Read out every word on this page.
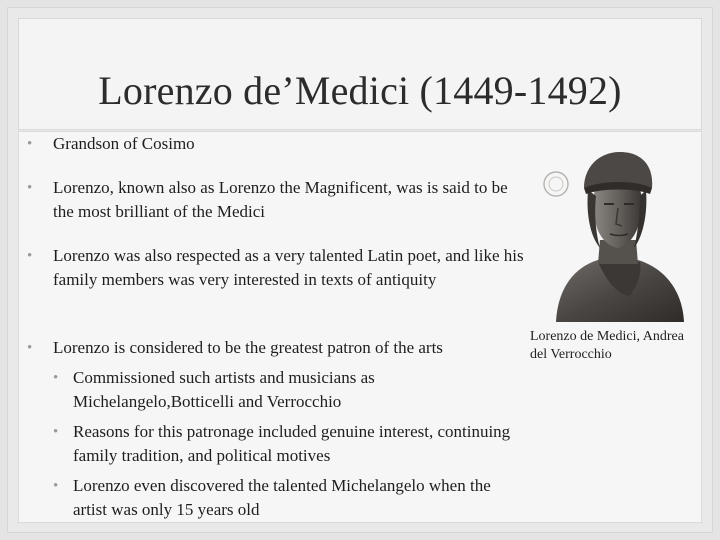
Lorenzo de’Medici (1449-1492)
• Grandson of Cosimo
• Lorenzo, known also as Lorenzo the Magnificent, was is said to be the most brilliant of the Medici
• Lorenzo was also respected as a very talented Latin poet, and like his family members was very interested in texts of antiquity
• Lorenzo is considered to be the greatest patron of the arts
• Commissioned such artists and musicians as Michelangelo,Botticelli and Verrocchio
• Reasons for this patronage included genuine interest, continuing family tradition, and political motives
• Lorenzo even discovered the talented Michelangelo when the artist was only 15 years old
Lorenzo de Medici, Andrea del Verrocchio
